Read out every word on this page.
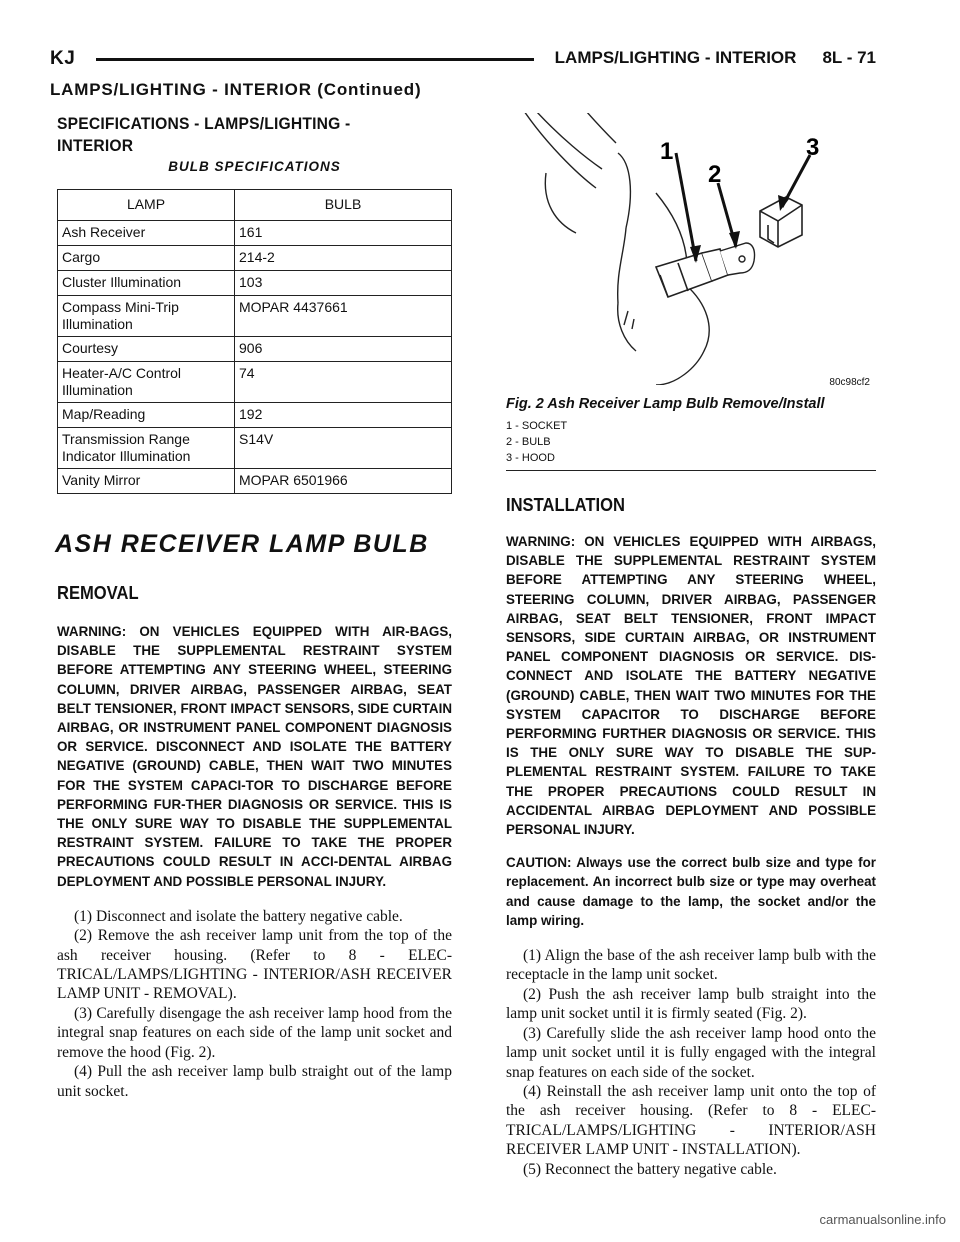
KJ	LAMPS/LIGHTING - INTERIOR 8L - 71
LAMPS/LIGHTING - INTERIOR (Continued)
SPECIFICATIONS - LAMPS/LIGHTING -
INTERIOR
BULB SPECIFICATIONS
LAMP	BULB
Ash Receiver	161
Cargo	214-2
Cluster Illumination	103
Compass Mini-Trip
Illumination	MOPAR 4437661
Courtesy	906
Heater-A/C Control
Illumination	74
Map/Reading	192
Transmission Range
Indicator Illumination	S14V
Vanity Mirror	MOPAR 6501966
ASH RECEIVER LAMP BULB
REMOVAL

WARNING: ON VEHICLES EQUIPPED WITH AIR-BAGS, DISABLE THE SUPPLEMENTAL RESTRAINT SYSTEM BEFORE ATTEMPTING ANY STEERING WHEEL, STEERING COLUMN, DRIVER AIRBAG, PASSENGER AIRBAG, SEAT BELT TENSIONER, FRONT IMPACT SENSORS, SIDE CURTAIN AIRBAG, OR INSTRUMENT PANEL COMPONENT DIAGNOSIS OR SERVICE. DISCONNECT AND ISOLATE THE BATTERY NEGATIVE (GROUND) CABLE, THEN WAIT TWO MINUTES FOR THE SYSTEM CAPACI-TOR TO DISCHARGE BEFORE PERFORMING FUR-THER DIAGNOSIS OR SERVICE. THIS IS THE ONLY SURE WAY TO DISABLE THE SUPPLEMENTAL RESTRAINT SYSTEM. FAILURE TO TAKE THE PROPER PRECAUTIONS COULD RESULT IN ACCI-DENTAL AIRBAG DEPLOYMENT AND POSSIBLE PERSONAL INJURY.

(1) Disconnect and isolate the battery negative cable.

(2) Remove the ash receiver lamp unit from the top of the ash receiver housing. (Refer to 8 - ELEC-TRICAL/LAMPS/LIGHTING - INTERIOR/ASH RECEIVER LAMP UNIT - REMOVAL).

(3) Carefully disengage the ash receiver lamp hood from the integral snap features on each side of the lamp unit socket and remove the hood (Fig. 2).

(4) Pull the ash receiver lamp bulb straight out of the lamp unit socket.

1
2
3
80c98cf2
Fig. 2 Ash Receiver Lamp Bulb Remove/Install
1 - SOCKET
2 - BULB
3 - HOOD
INSTALLATION

WARNING: ON VEHICLES EQUIPPED WITH AIRBAGS, DISABLE THE SUPPLEMENTAL RESTRAINT SYSTEM BEFORE ATTEMPTING ANY STEERING WHEEL, STEERING COLUMN, DRIVER AIRBAG, PASSENGER AIRBAG, SEAT BELT TENSIONER, FRONT IMPACT SENSORS, SIDE CURTAIN AIRBAG, OR INSTRUMENT PANEL COMPONENT DIAGNOSIS OR SERVICE. DIS-CONNECT AND ISOLATE THE BATTERY NEGATIVE (GROUND) CABLE, THEN WAIT TWO MINUTES FOR THE SYSTEM CAPACITOR TO DISCHARGE BEFORE PERFORMING FURTHER DIAGNOSIS OR SERVICE. THIS IS THE ONLY SURE WAY TO DISABLE THE SUP-PLEMENTAL RESTRAINT SYSTEM. FAILURE TO TAKE THE PROPER PRECAUTIONS COULD RESULT IN ACCIDENTAL AIRBAG DEPLOYMENT AND POSSIBLE PERSONAL INJURY.

CAUTION: Always use the correct bulb size and type for replacement. An incorrect bulb size or type may overheat and cause damage to the lamp, the socket and/or the lamp wiring.

(1) Align the base of the ash receiver lamp bulb with the receptacle in the lamp unit socket.

(2) Push the ash receiver lamp bulb straight into the lamp unit socket until it is firmly seated (Fig. 2).

(3) Carefully slide the ash receiver lamp hood onto the lamp unit socket until it is fully engaged with the integral snap features on each side of the socket.

(4) Reinstall the ash receiver lamp unit onto the top of the ash receiver housing. (Refer to 8 - ELEC-TRICAL/LAMPS/LIGHTING - INTERIOR/ASH RECEIVER LAMP UNIT - INSTALLATION).

(5) Reconnect the battery negative cable.

carmanualsonline.info
